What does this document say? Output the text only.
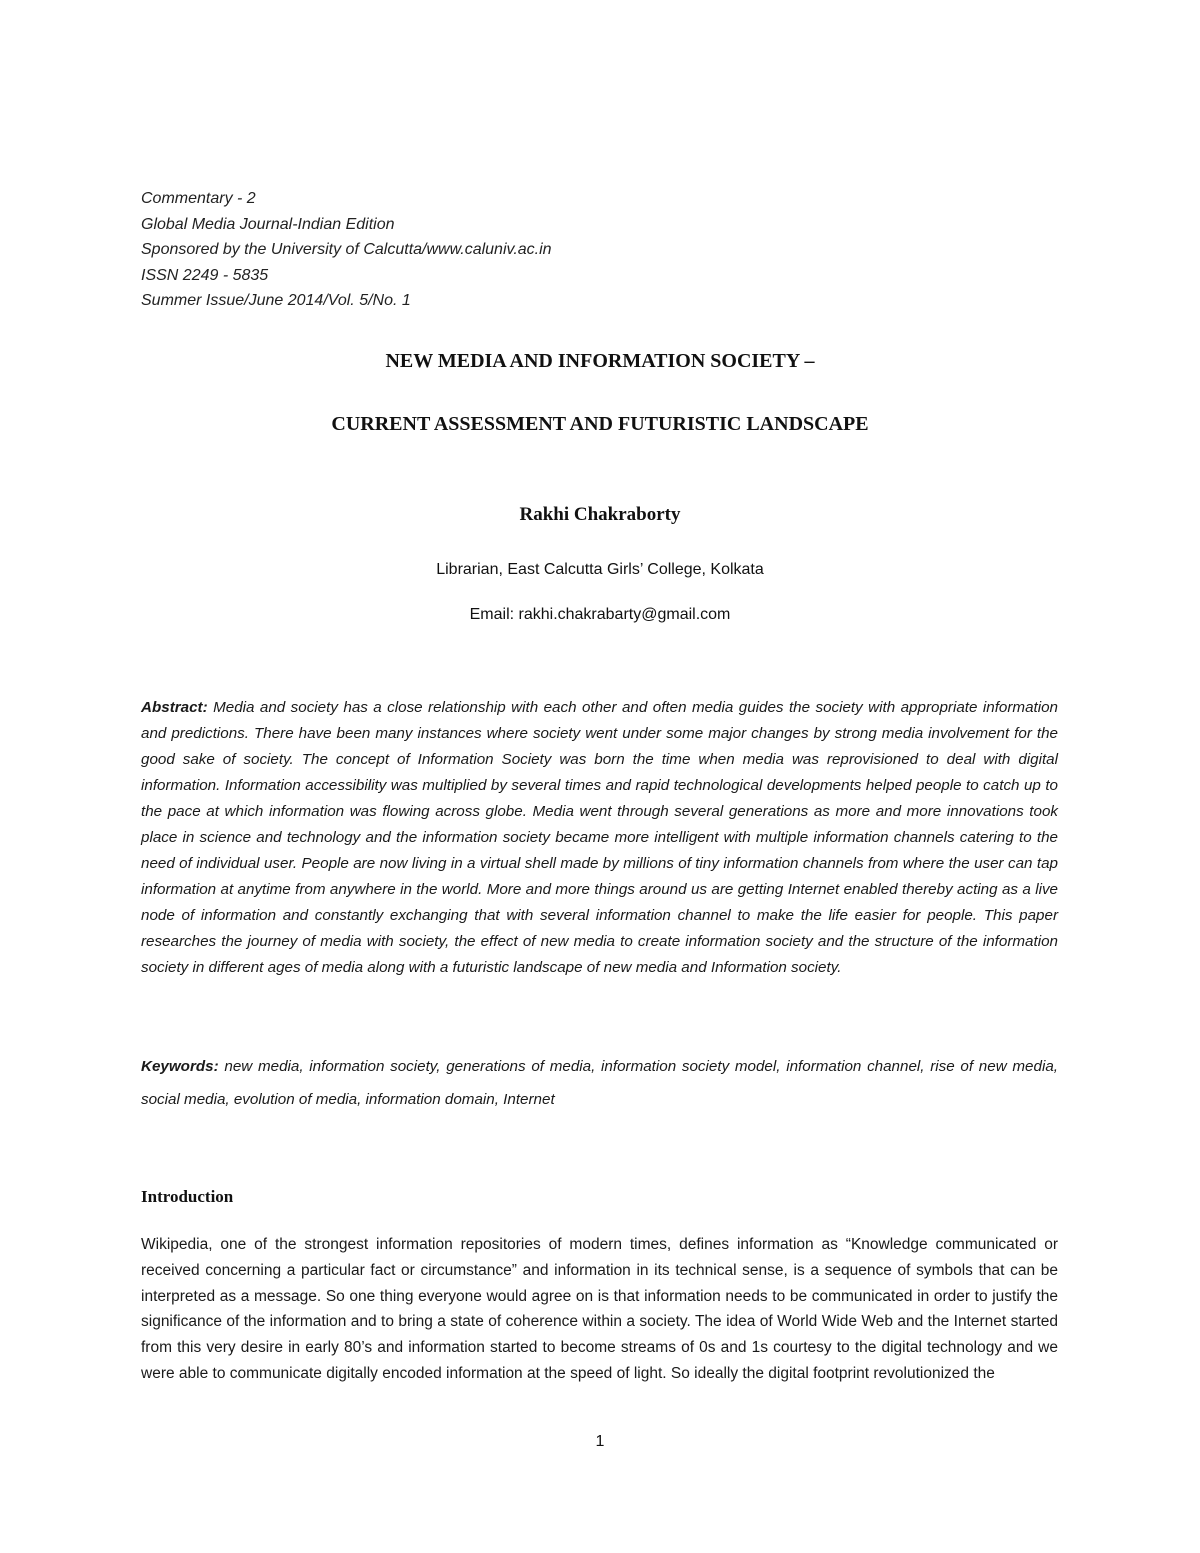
Commentary - 2
Global Media Journal-Indian Edition
Sponsored by the University of Calcutta/www.caluniv.ac.in
ISSN 2249 - 5835
Summer Issue/June 2014/Vol. 5/No. 1
NEW MEDIA AND INFORMATION SOCIETY –
CURRENT ASSESSMENT AND FUTURISTIC LANDSCAPE
Rakhi Chakraborty
Librarian, East Calcutta Girls’ College, Kolkata
Email: rakhi.chakrabarty@gmail.com
Abstract: Media and society has a close relationship with each other and often media guides the society with appropriate information and predictions. There have been many instances where society went under some major changes by strong media involvement for the good sake of society. The concept of Information Society was born the time when media was reprovisioned to deal with digital information. Information accessibility was multiplied by several times and rapid technological developments helped people to catch up to the pace at which information was flowing across globe. Media went through several generations as more and more innovations took place in science and technology and the information society became more intelligent with multiple information channels catering to the need of individual user. People are now living in a virtual shell made by millions of tiny information channels from where the user can tap information at anytime from anywhere in the world. More and more things around us are getting Internet enabled thereby acting as a live node of information and constantly exchanging that with several information channel to make the life easier for people. This paper researches the journey of media with society, the effect of new media to create information society and the structure of the information society in different ages of media along with a futuristic landscape of new media and Information society.
Keywords: new media, information society, generations of media, information society model, information channel, rise of new media, social media, evolution of media, information domain, Internet
Introduction
Wikipedia, one of the strongest information repositories of modern times, defines information as “Knowledge communicated or received concerning a particular fact or circumstance” and information in its technical sense, is a sequence of symbols that can be interpreted as a message. So one thing everyone would agree on is that information needs to be communicated in order to justify the significance of the information and to bring a state of coherence within a society. The idea of World Wide Web and the Internet started from this very desire in early 80’s and information started to become streams of 0s and 1s courtesy to the digital technology and we were able to communicate digitally encoded information at the speed of light. So ideally the digital footprint revolutionized the
1
